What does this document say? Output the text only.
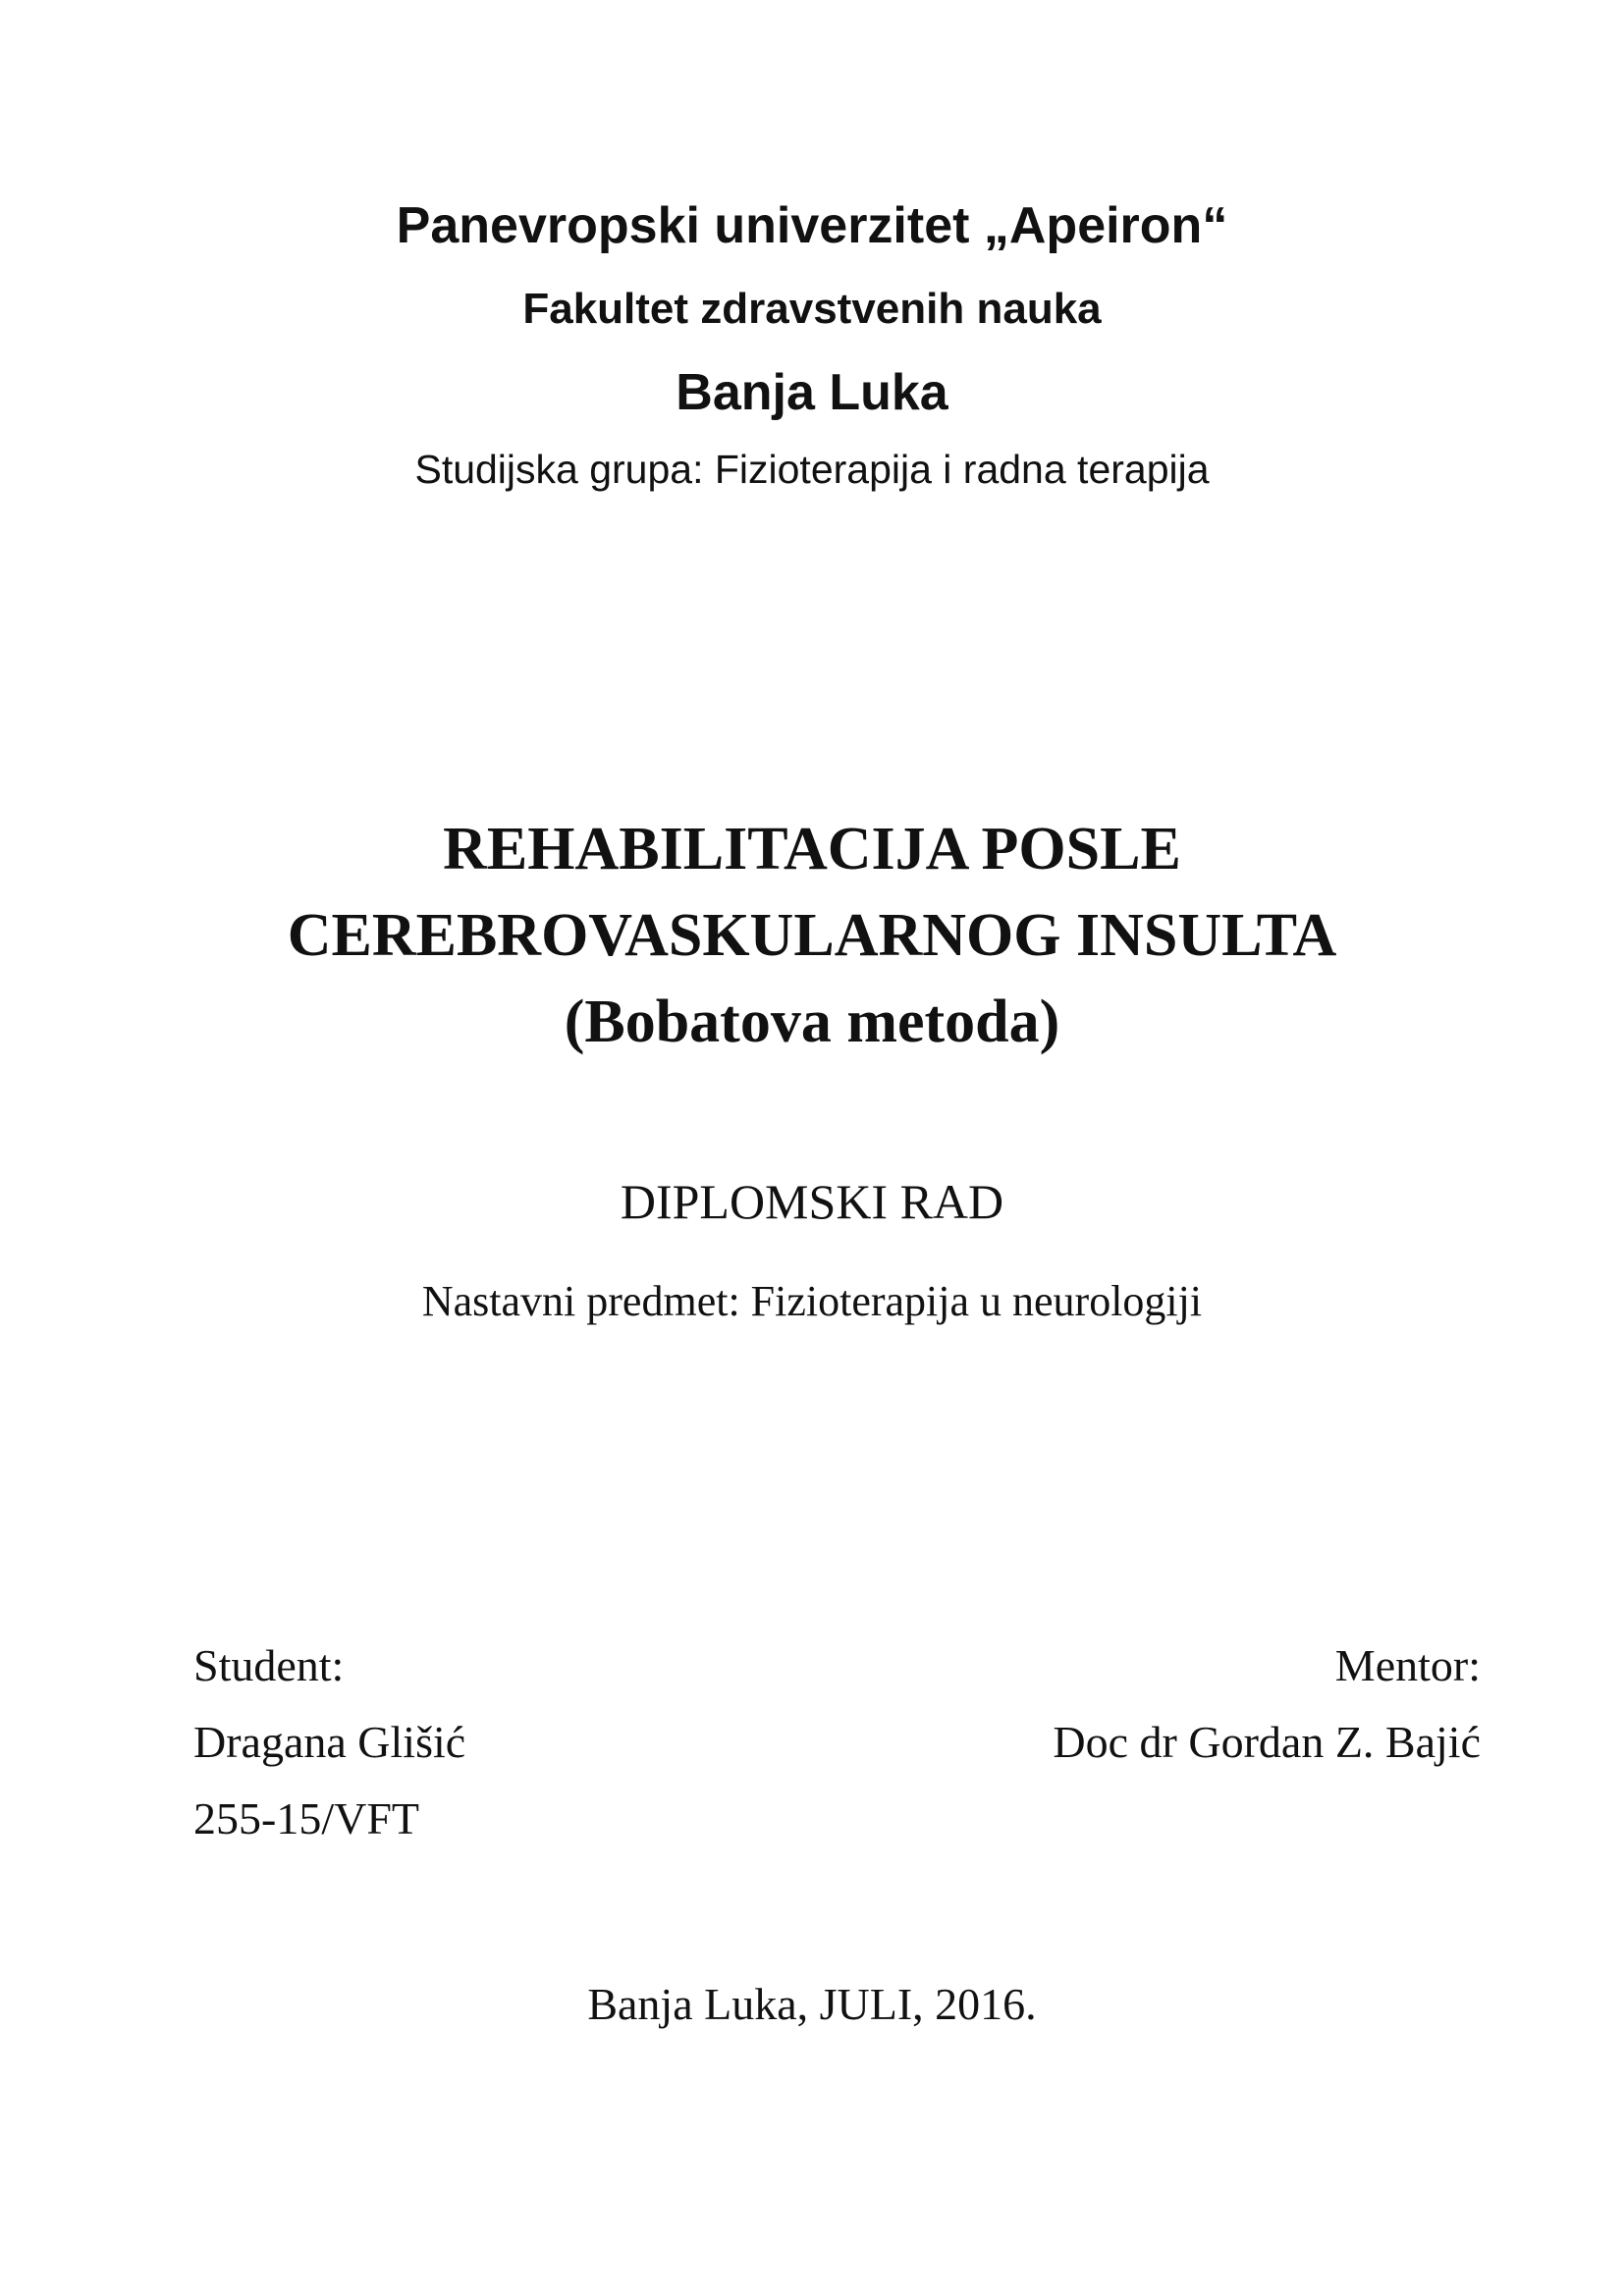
Panevropski univerzitet „Apeiron“
Fakultet zdravstvenih nauka
Banja Luka
Studijska grupa: Fizioterapija i radna terapija
REHABILITACIJA POSLE
CEREBROVASKULARNOG INSULTA
(Bobatova metoda)
DIPLOMSKI RAD
Nastavni predmet: Fizioterapija u neurologiji
Student:
Dragana Glišić
255-15/VFT
Mentor:
Doc dr Gordan Z. Bajić
Banja Luka, JULI, 2016.
